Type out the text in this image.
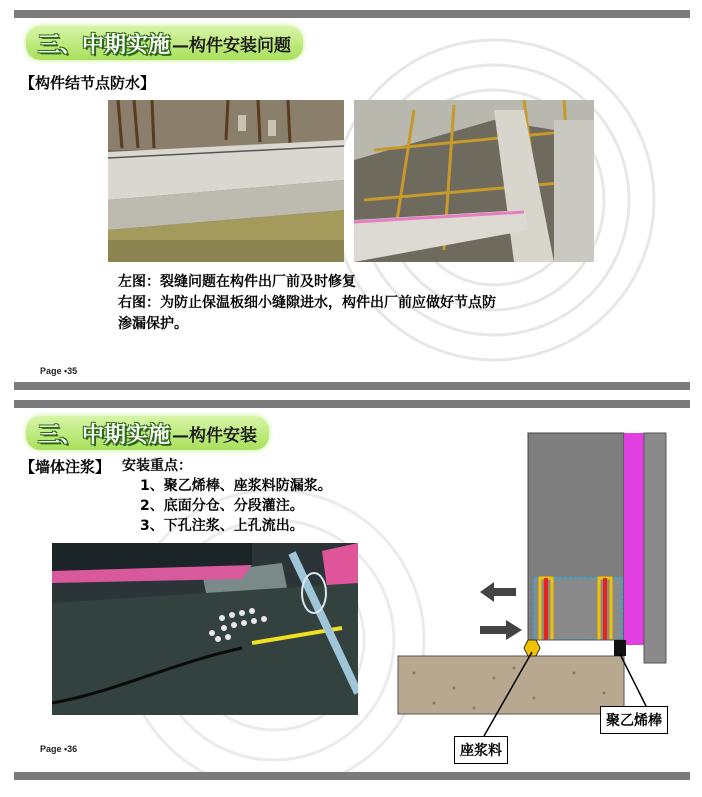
三、中期实施 —构件安装问题
【构件结节点防水】
左图：裂缝问题在构件出厂前及时修复
右图：为防止保温板细小缝隙进水，构件出厂前应做好节点防
渗漏保护。
Page •35
三、中期实施 —构件安装
【墙体注浆】 安装重点：
1、聚乙烯棒、座浆料防漏浆。
2、底面分仓、分段灌注。
3、下孔注浆、上孔流出。
聚乙烯棒
座浆料
Page •36
